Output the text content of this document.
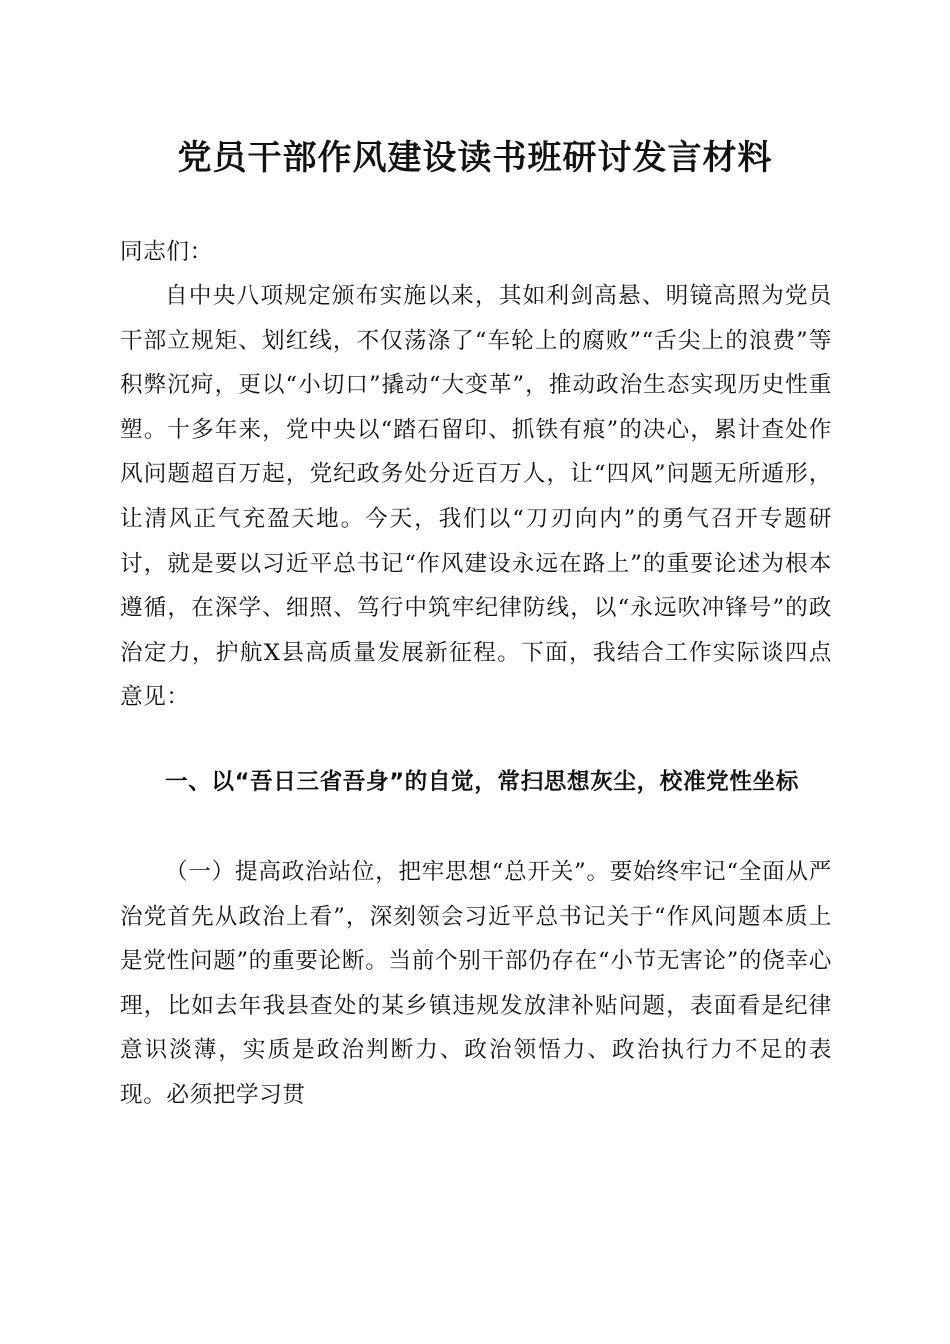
党员干部作风建设读书班研讨发言材料
同志们：
自中央八项规定颁布实施以来，其如利剑高悬、明镜高照为党员干部立规矩、划红线，不仅荡涤了“车轮上的腐败”“舌尖上的浪费”等积弊沉疴，更以“小切口”撬动“大变革”，推动政治生态实现历史性重塑。十多年来，党中央以“踏石留印、抓铁有痕”的决心，累计查处作风问题超百万起，党纪政务处分近百万人，让“四风”问题无所遁形，让清风正气充盈天地。今天，我们以“刀刃向内”的勇气召开专题研讨，就是要以习近平总书记“作风建设永远在路上”的重要论述为根本遵循，在深学、细照、笃行中筑牢纪律防线，以“永远吹冲锋号”的政治定力，护航X县高质量发展新征程。下面，我结合工作实际谈四点意见：
一、以“吾日三省吾身”的自觉，常扫思想灰尘，校准党性坐标
（一）提高政治站位，把牢思想“总开关”。要始终牢记“全面从严治党首先从政治上看”，深刻领会习近平总书记关于“作风问题本质上是党性问题”的重要论断。当前个别干部仍存在“小节无害论”的侥幸心理，比如去年我县查处的某乡镇违规发放津补贴问题，表面看是纪律意识淡薄，实质是政治判断力、政治领悟力、政治执行力不足的表现。必须把学习贯
